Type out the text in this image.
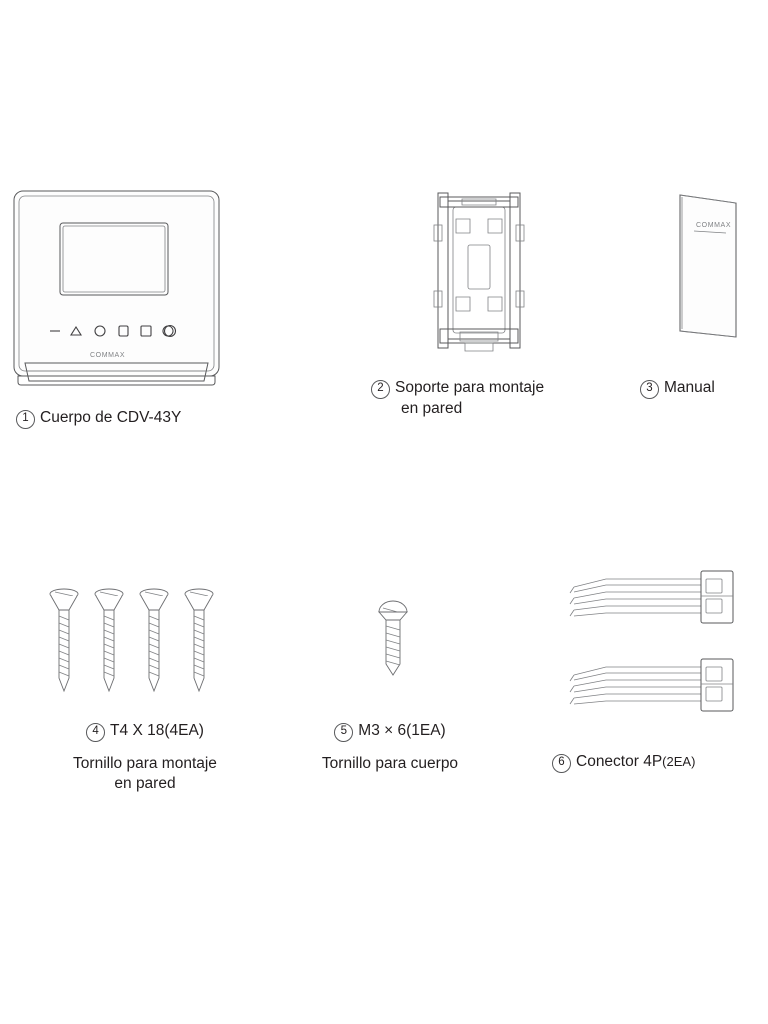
COMMAX
1 Cuerpo de CDV-43Y
2 Soporte para montaje
en pared
COMMAX
3 Manual
4 T4 X 18(4EA)
Tornillo para montaje
en pared
5 M3 × 6(1EA)
Tornillo para cuerpo	6 Conector 4P(2EA)
